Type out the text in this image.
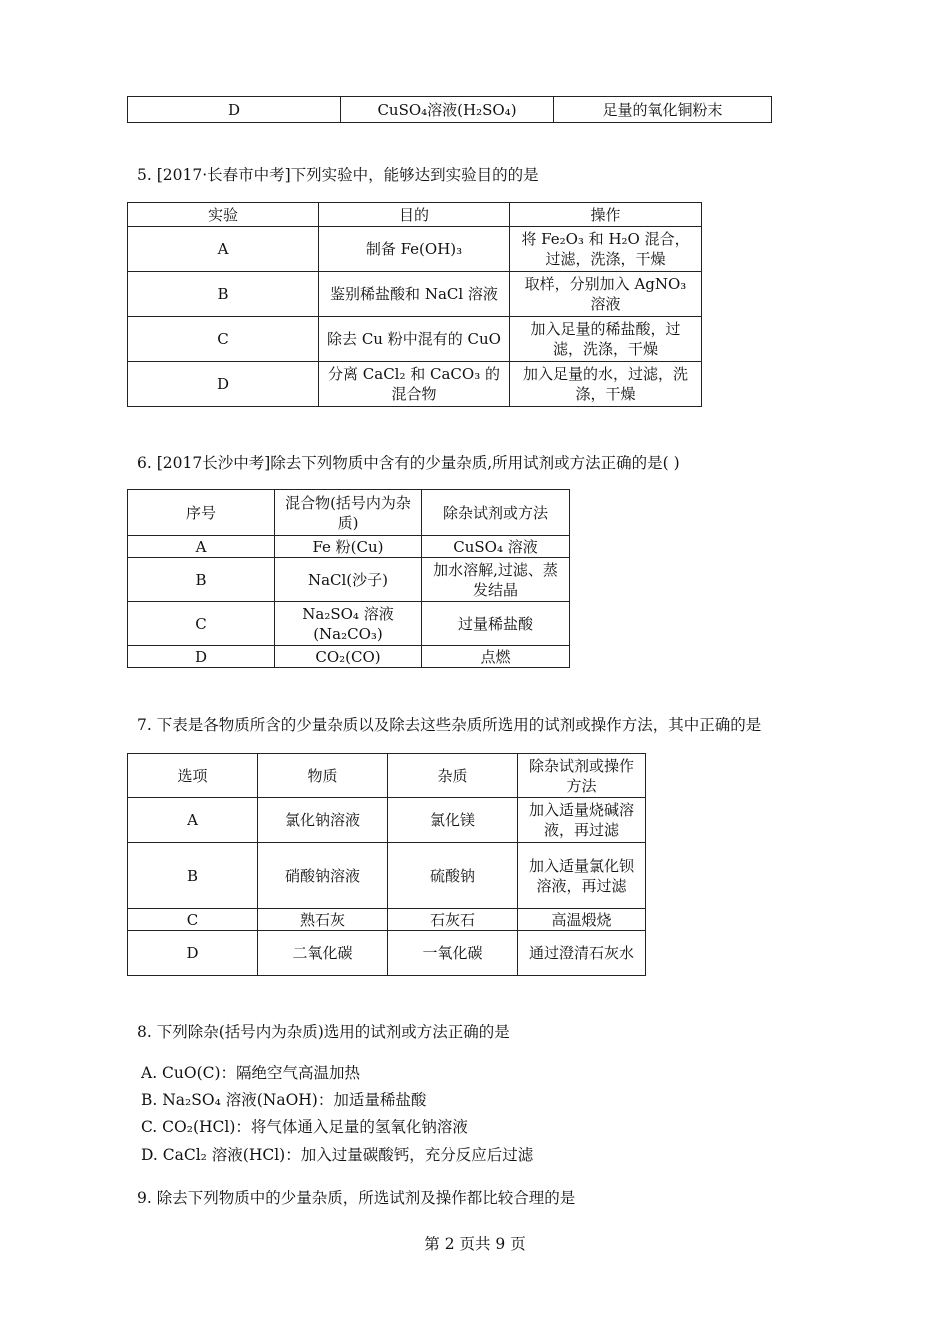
D	CuSO₄溶液(H₂SO₄)	足量的氧化铜粉末
5. [2017·长春市中考]下列实验中，能够达到实验目的的是
实验	目的	操作
A	制备 Fe(OH)₃	将 Fe₂O₃ 和 H₂O 混合，过滤，洗涤，干燥
B	鉴别稀盐酸和 NaCl 溶液	取样，分别加入 AgNO₃ 溶液
C	除去 Cu 粉中混有的 CuO	加入足量的稀盐酸，过滤，洗涤，干燥
D	分离 CaCl₂ 和 CaCO₃ 的混合物	加入足量的水，过滤，洗涤，干燥
6. [2017长沙中考]除去下列物质中含有的少量杂质,所用试剂或方法正确的是( )
序号	混合物(括号内为杂质)	除杂试剂或方法
A	Fe 粉(Cu)	CuSO₄ 溶液
B	NaCl(沙子)	加水溶解,过滤、蒸发结晶
C	Na₂SO₄ 溶液(Na₂CO₃)	过量稀盐酸
D	CO₂(CO)	点燃
7. 下表是各物质所含的少量杂质以及除去这些杂质所选用的试剂或操作方法，其中正确的是
选项	物质	杂质	除杂试剂或操作方法
A	氯化钠溶液	氯化镁	加入适量烧碱溶液，再过滤
B	硝酸钠溶液	硫酸钠	加入适量氯化钡溶液，再过滤
C	熟石灰	石灰石	高温煅烧
D	二氧化碳	一氧化碳	通过澄清石灰水
8. 下列除杂(括号内为杂质)选用的试剂或方法正确的是
A. CuO(C)：隔绝空气高温加热
B. Na₂SO₄ 溶液(NaOH)：加适量稀盐酸
C. CO₂(HCl)：将气体通入足量的氢氧化钠溶液
D. CaCl₂ 溶液(HCl)：加入过量碳酸钙，充分反应后过滤
9. 除去下列物质中的少量杂质，所选试剂及操作都比较合理的是
第 2 页共 9 页
